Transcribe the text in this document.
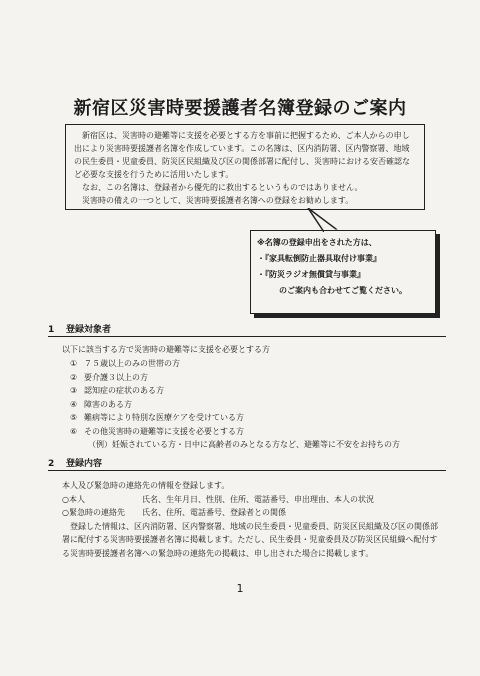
新宿区災害時要援護者名簿登録のご案内

新宿区は、災害時の避難等に支援を必要とする方を事前に把握するため、ご本人からの申し出により災害時要援護者名簿を作成しています。この名簿は、区内消防署、区内警察署、地域の民生委員・児童委員、防災区民組織及び区の関係部署に配付し、災害時における安否確認など必要な支援を行うために活用いたします。

なお、この名簿は、登録者から優先的に救出するというものではありません。

災害時の備えの一つとして、災害時要援護者名簿への登録をお勧めします。

※名簿の登録申出をされた方は、

・『家具転倒防止器具取付け事業』

・『防災ラジオ無償貸与事業』

のご案内も合わせてご覧ください。

1 登録対象者

以下に該当する方で災害時の避難等に支援を必要とする方

① ７５歳以上のみの世帯の方

② 要介護３以上の方

③ 認知症の症状のある方

④ 障害のある方

⑤ 難病等により特別な医療ケアを受けている方

⑥ その他災害時の避難等に支援を必要とする方

（例）妊娠されている方・日中に高齢者のみとなる方など、避難等に不安をお持ちの方

2 登録内容

本人及び緊急時の連絡先の情報を登録します。

○本人	氏名、生年月日、性別、住所、電話番号、申出理由、本人の状況

○緊急時の連絡先 氏名、住所、電話番号、登録者との関係

登録した情報は、区内消防署、区内警察署、地域の民生委員・児童委員、防災区民組織及び区の関係部署に配付する災害時要援護者名簿に掲載します。ただし、民生委員・児童委員及び防災区民組織へ配付する災害時要援護者名簿への緊急時の連絡先の掲載は、申し出された場合に掲載します。

1
